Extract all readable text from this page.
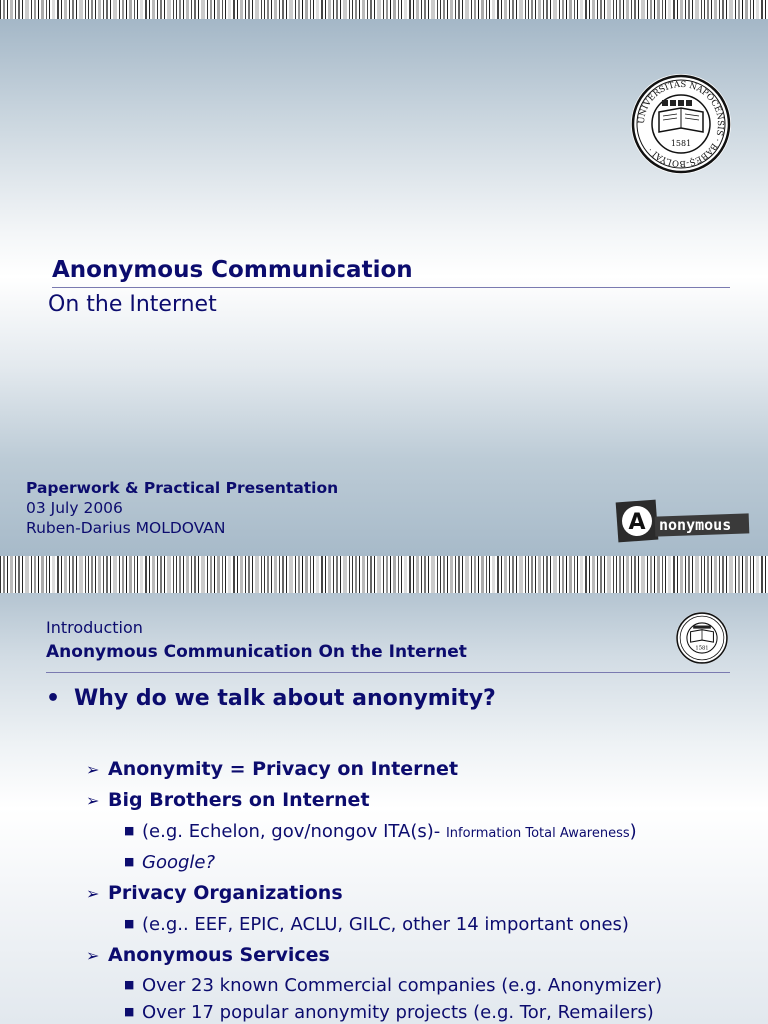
UNIVERSITAS NAPOCENSIS · BABEŞ-BOLYAI ·
1581
Anonymous Communication
On the Internet
Paperwork & Practical Presentation
03 July 2006
Ruben-Darius MOLDOVAN	A nonymous
1581
Introduction
Anonymous Communication On the Internet
• Why do we talk about anonymity?
➢ Anonymity = Privacy on Internet
➢ Big Brothers on Internet
■ (e.g. Echelon, gov/nongov ITA(s)- Information Total Awareness)
■ Google?
➢ Privacy Organizations
■ (e.g.. EEF, EPIC, ACLU, GILC, other 14 important ones)
➢ Anonymous Services
■ Over 23 known Commercial companies (e.g. Anonymizer)
■ Over 17 popular anonymity projects (e.g. Tor, Remailers)
